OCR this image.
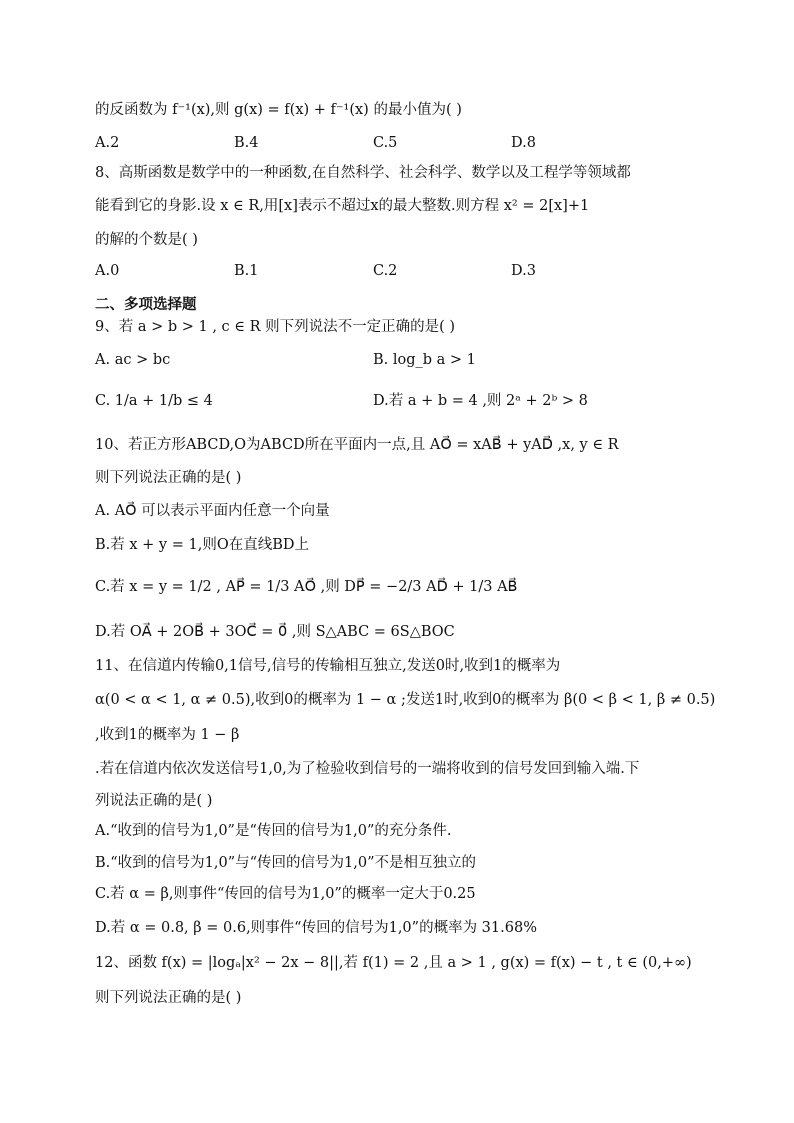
的反函数为 f⁻¹(x),则 g(x) = f(x) + f⁻¹(x) 的最小值为( )
A.2	B.4	C.5	D.8
8、高斯函数是数学中的一种函数,在自然科学、社会科学、数学以及工程学等领域都
能看到它的身影.设 x ∈ R,用[x]表示不超过x的最大整数.则方程 x² = 2[x]+1
的解的个数是( )
A.0	B.1	C.2	D.3
二、多项选择题
9、若 a > b > 1 , c ∈ R 则下列说法不一定正确的是( )
A. ac > bc	B. log_b a > 1
C. 1/a + 1/b ≤ 4	D.若 a + b = 4 ,则 2ᵃ + 2ᵇ > 8
10、若正方形ABCD,O为ABCD所在平面内一点,且 AO⃗ = xAB⃗ + yAD⃗ ,x, y ∈ R
则下列说法正确的是( )
A. AO⃗ 可以表示平面内任意一个向量
B.若 x + y = 1,则O在直线BD上
C.若 x = y = 1/2 , AP⃗ = 1/3 AO⃗ ,则 DP⃗ = −2/3 AD⃗ + 1/3 AB⃗
D.若 OA⃗ + 2OB⃗ + 3OC⃗ = 0⃗ ,则 S△ABC = 6S△BOC
11、在信道内传输0,1信号,信号的传输相互独立,发送0时,收到1的概率为
α(0 < α < 1, α ≠ 0.5),收到0的概率为 1 − α ;发送1时,收到0的概率为 β(0 < β < 1, β ≠ 0.5)
,收到1的概率为 1 − β
.若在信道内依次发送信号1,0,为了检验收到信号的一端将收到的信号发回到输入端.下
列说法正确的是( )
A.“收到的信号为1,0”是“传回的信号为1,0”的充分条件.
B.“收到的信号为1,0”与“传回的信号为1,0”不是相互独立的
C.若 α = β,则事件“传回的信号为1,0”的概率一定大于0.25
D.若 α = 0.8, β = 0.6,则事件“传回的信号为1,0”的概率为 31.68%
12、函数 f(x) = |logₐ|x² − 2x − 8||,若 f(1) = 2 ,且 a > 1 , g(x) = f(x) − t , t ∈ (0,+∞)
则下列说法正确的是( )
